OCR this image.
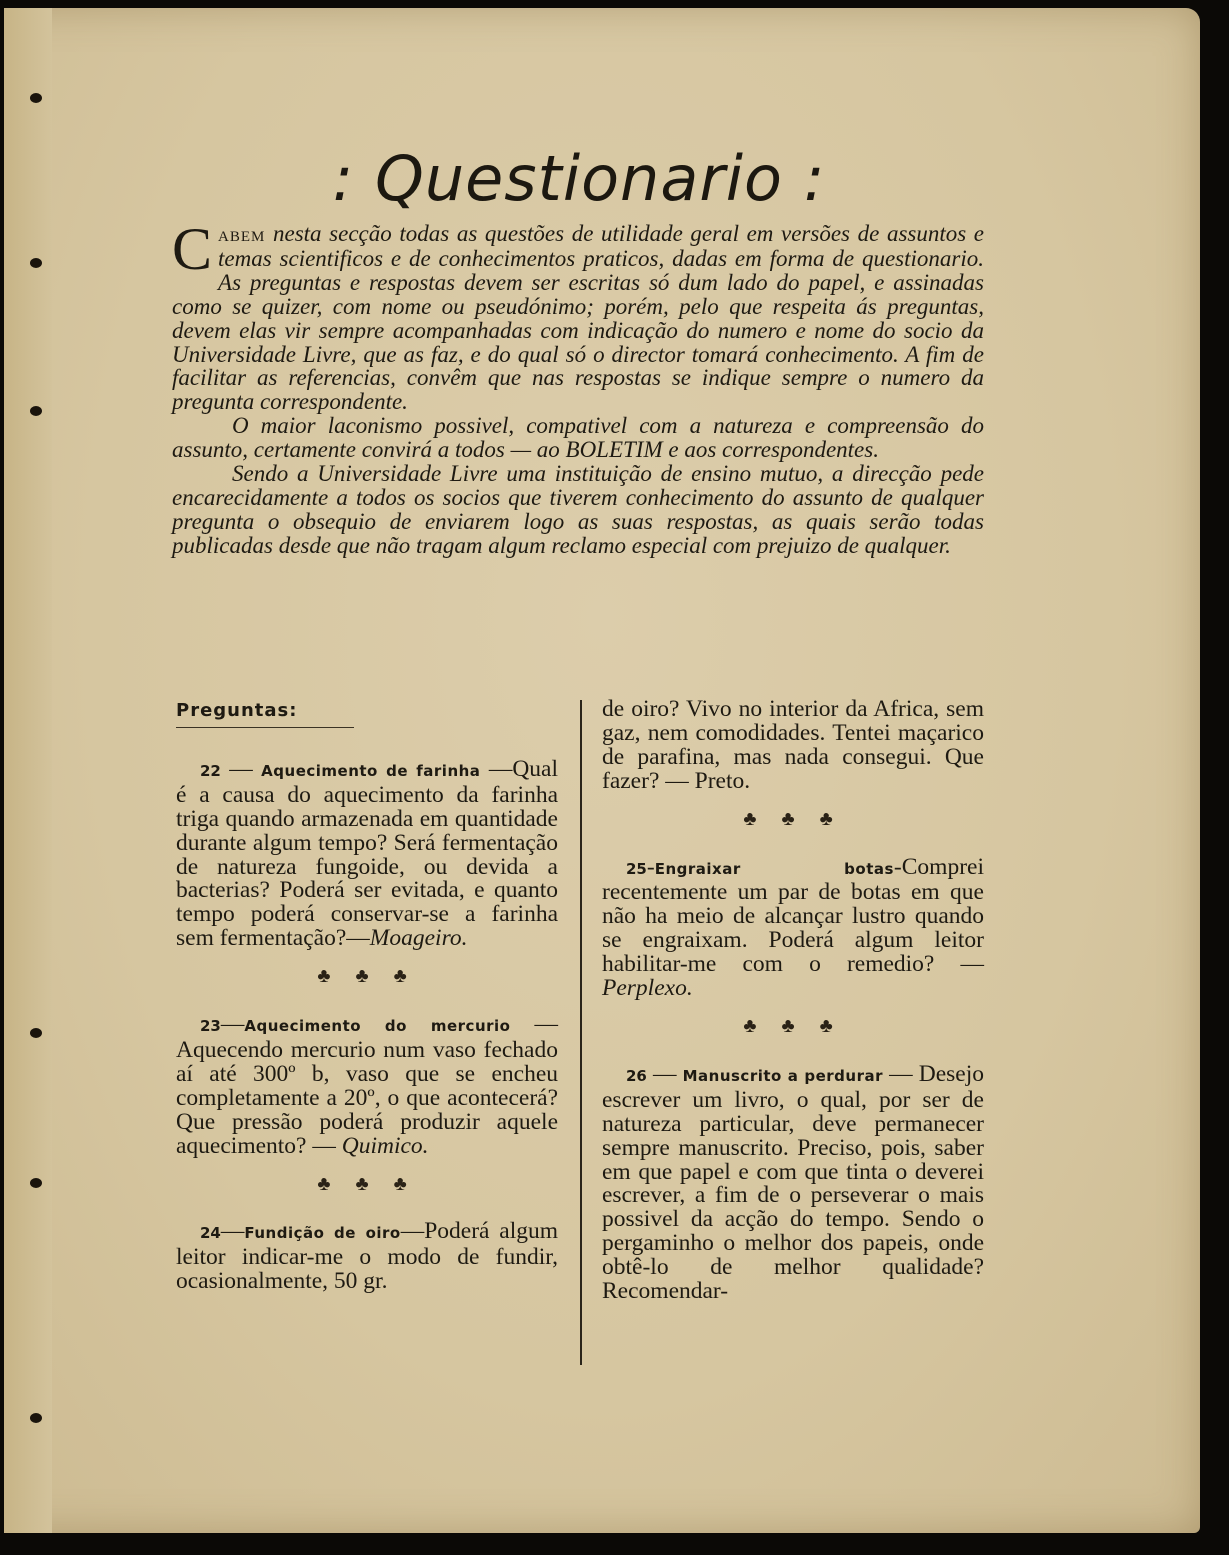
: Questionario :

Cabem nesta secção todas as questões de utilidade geral em versões de assuntos e temas scientificos e de conhecimentos praticos, dadas em forma de questionario. As preguntas e respostas devem ser escritas só dum lado do papel, e assinadas como se quizer, com nome ou pseudónimo; porém, pelo que respeita ás preguntas, devem elas vir sempre acompanhadas com indicação do numero e nome do socio da Universidade Livre, que as faz, e do qual só o director tomará conhecimento. A fim de facilitar as referencias, convêm que nas respostas se indique sempre o numero da pregunta correspondente.

O maior laconismo possivel, compativel com a natureza e compreensão do assunto, certamente convirá a todos — ao BOLETIM e aos correspondentes.

Sendo a Universidade Livre uma instituição de ensino mutuo, a direcção pede encarecidamente a todos os socios que tiverem conhecimento do assunto de qualquer pregunta o obsequio de enviarem logo as suas respostas, as quais serão todas publicadas desde que não tragam algum reclamo especial com prejuizo de qualquer.

Preguntas:

22 — Aquecimento de farinha —Qual é a causa do aquecimento da farinha triga quando armazenada em quantidade durante algum tempo? Será fermentação de natureza fungoide, ou devida a bacterias? Poderá ser evitada, e quanto tempo poderá conservar-se a farinha sem fermentação?—Moageiro.

♣ ♣ ♣

23—Aquecimento do mercurio — Aquecendo mercurio num vaso fechado aí até 300º b, vaso que se encheu completamente a 20º, o que acontecerá? Que pressão poderá produzir aquele aquecimento? — Quimico.

♣ ♣ ♣

24—Fundição de oiro—Poderá algum leitor indicar-me o modo de fundir, ocasionalmente, 50 gr.

de oiro? Vivo no interior da Africa, sem gaz, nem comodidades. Tentei maçarico de parafina, mas nada consegui. Que fazer? — Preto.

♣ ♣ ♣

25-Engraixar botas-Comprei recentemente um par de botas em que não ha meio de alcançar lustro quando se engraixam. Poderá algum leitor habilitar-me com o remedio? — Perplexo.

♣ ♣ ♣

26 — Manuscrito a perdurar — Desejo escrever um livro, o qual, por ser de natureza particular, deve permanecer sempre manuscrito. Preciso, pois, saber em que papel e com que tinta o deverei escrever, a fim de o perseverar o mais possivel da acção do tempo. Sendo o pergaminho o melhor dos papeis, onde obtê-lo de melhor qualidade? Recomendar-
